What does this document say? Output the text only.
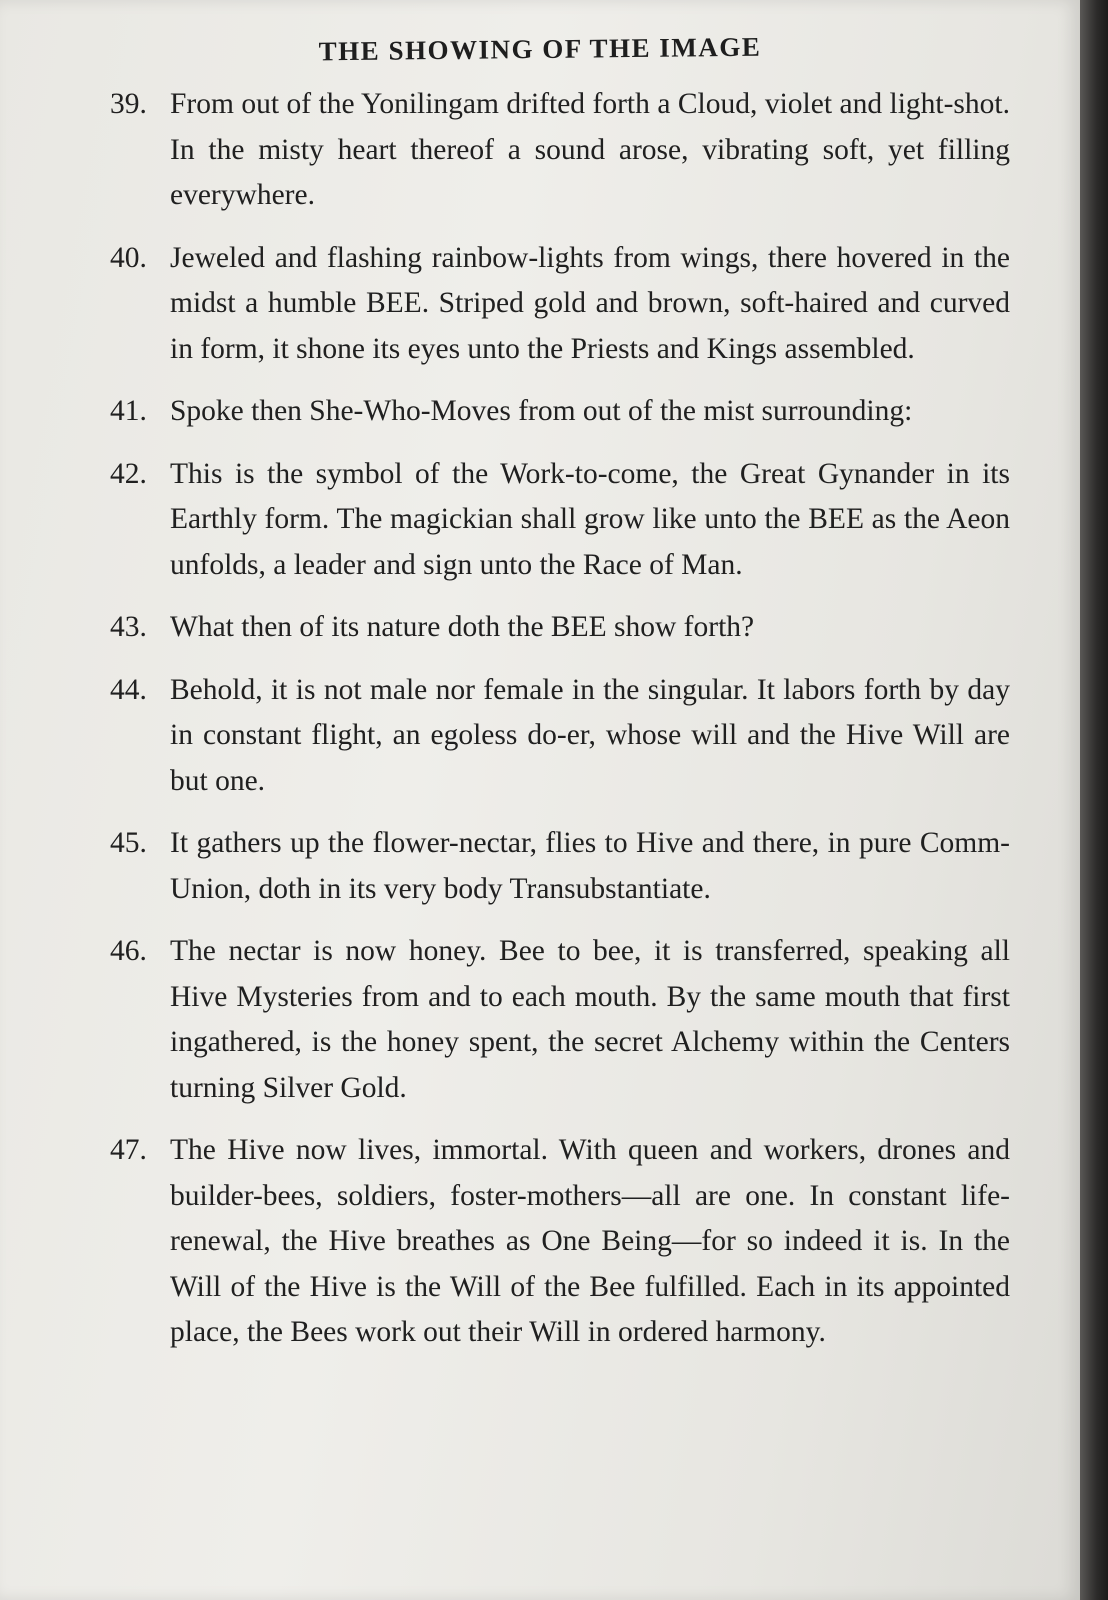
THE SHOWING OF THE IMAGE
39. From out of the Yonilingam drifted forth a Cloud, violet and light-shot. In the misty heart thereof a sound arose, vibrating soft, yet filling everywhere.
40. Jeweled and flashing rainbow-lights from wings, there hovered in the midst a humble BEE. Striped gold and brown, soft-haired and curved in form, it shone its eyes unto the Priests and Kings assembled.
41. Spoke then She-Who-Moves from out of the mist surrounding:
42. This is the symbol of the Work-to-come, the Great Gynander in its Earthly form. The magickian shall grow like unto the BEE as the Aeon unfolds, a leader and sign unto the Race of Man.
43. What then of its nature doth the BEE show forth?
44. Behold, it is not male nor female in the singular. It labors forth by day in constant flight, an egoless do-er, whose will and the Hive Will are but one.
45. It gathers up the flower-nectar, flies to Hive and there, in pure Comm-Union, doth in its very body Transubstantiate.
46. The nectar is now honey. Bee to bee, it is transferred, speaking all Hive Mysteries from and to each mouth. By the same mouth that first ingathered, is the honey spent, the secret Alchemy within the Centers turning Silver Gold.
47. The Hive now lives, immortal. With queen and workers, drones and builder-bees, soldiers, foster-mothers—all are one. In constant life-renewal, the Hive breathes as One Being—for so indeed it is. In the Will of the Hive is the Will of the Bee fulfilled. Each in its appointed place, the Bees work out their Will in ordered harmony.
